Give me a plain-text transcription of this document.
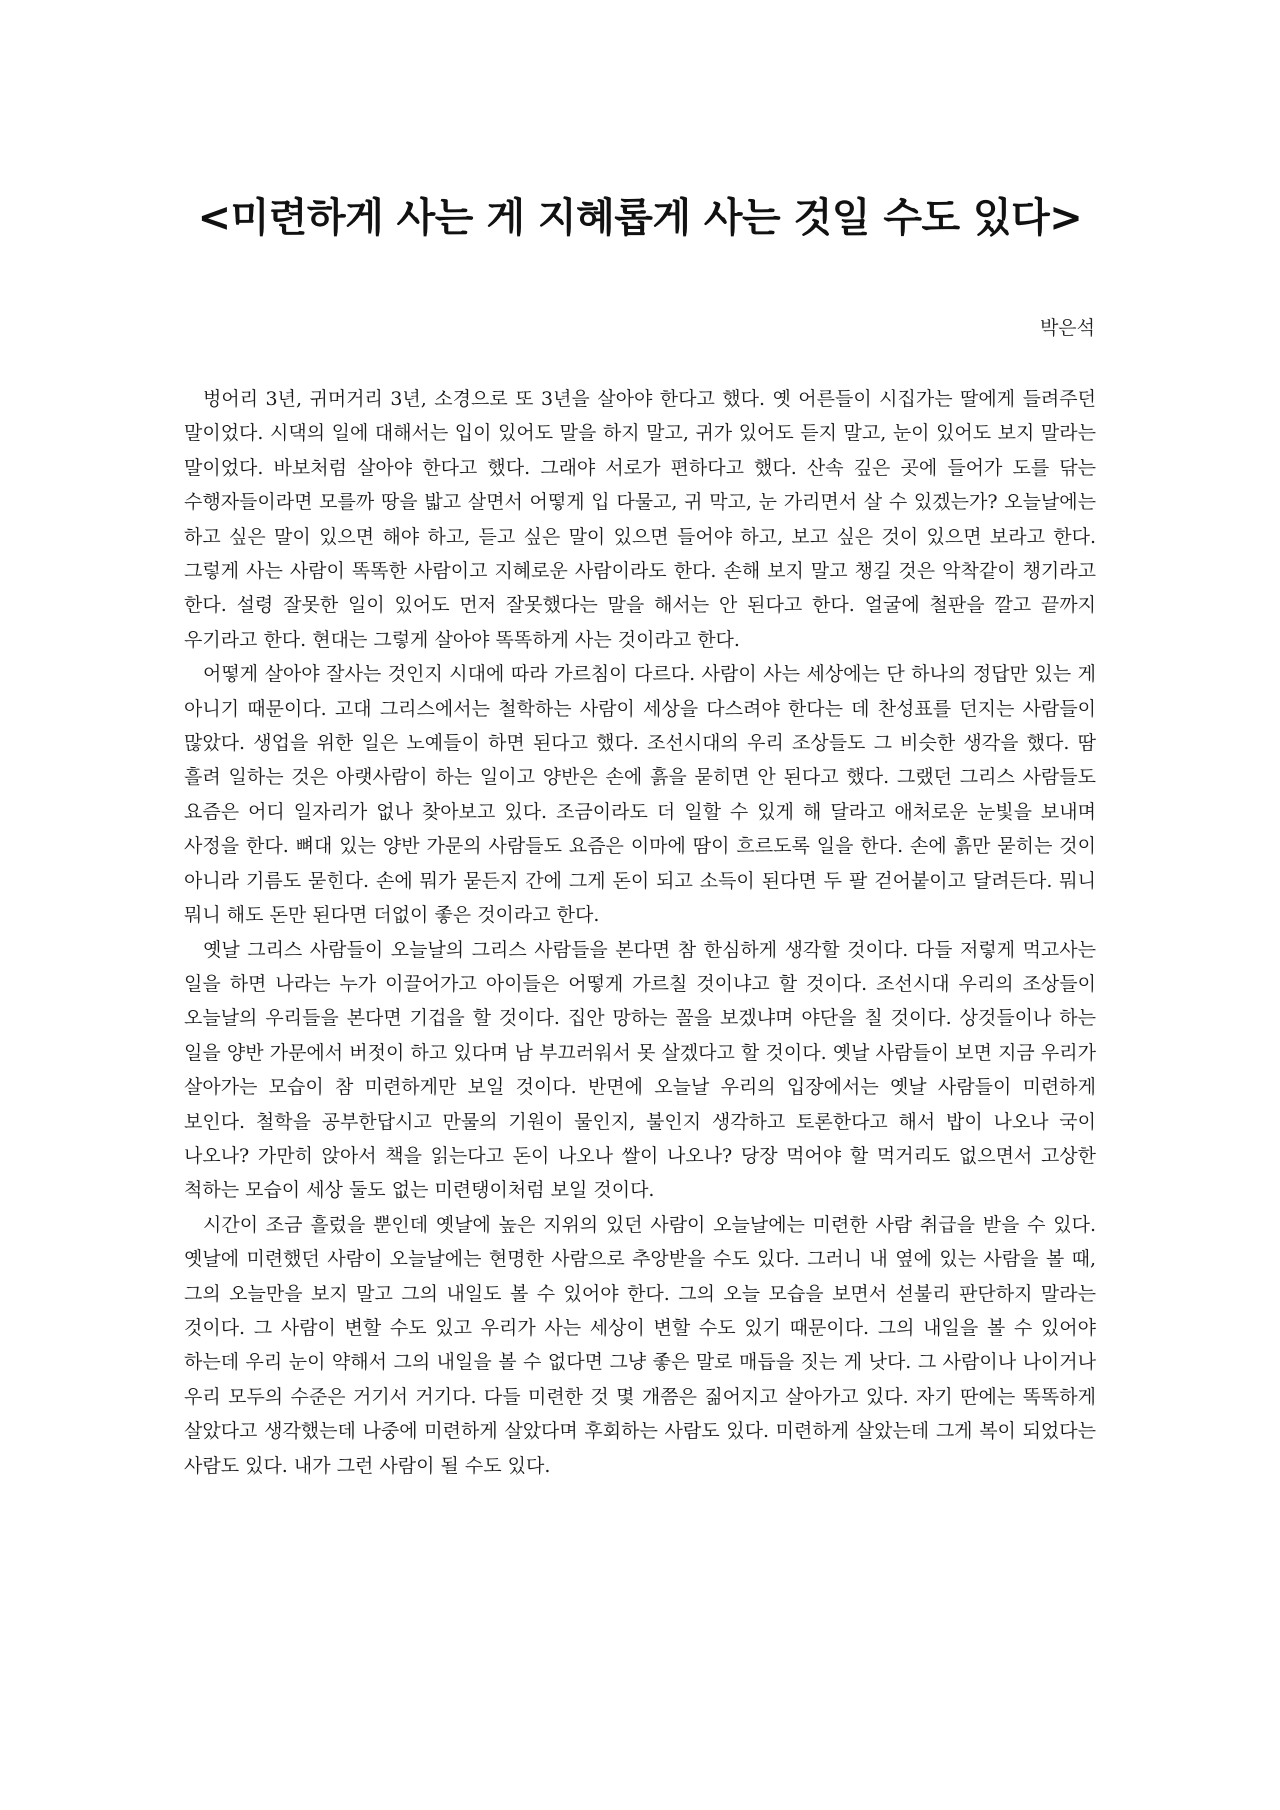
<미련하게 사는 게 지혜롭게 사는 것일 수도 있다>
박은석

벙어리 3년, 귀머거리 3년, 소경으로 또 3년을 살아야 한다고 했다. 옛 어른들이 시집가는 딸에게 들려주던 말이었다. 시댁의 일에 대해서는 입이 있어도 말을 하지 말고, 귀가 있어도 듣지 말고, 눈이 있어도 보지 말라는 말이었다. 바보처럼 살아야 한다고 했다. 그래야 서로가 편하다고 했다. 산속 깊은 곳에 들어가 도를 닦는 수행자들이라면 모를까 땅을 밟고 살면서 어떻게 입 다물고, 귀 막고, 눈 가리면서 살 수 있겠는가? 오늘날에는 하고 싶은 말이 있으면 해야 하고, 듣고 싶은 말이 있으면 들어야 하고, 보고 싶은 것이 있으면 보라고 한다. 그렇게 사는 사람이 똑똑한 사람이고 지혜로운 사람이라도 한다. 손해 보지 말고 챙길 것은 악착같이 챙기라고 한다. 설령 잘못한 일이 있어도 먼저 잘못했다는 말을 해서는 안 된다고 한다. 얼굴에 철판을 깔고 끝까지 우기라고 한다. 현대는 그렇게 살아야 똑똑하게 사는 것이라고 한다.

어떻게 살아야 잘사는 것인지 시대에 따라 가르침이 다르다. 사람이 사는 세상에는 단 하나의 정답만 있는 게 아니기 때문이다. 고대 그리스에서는 철학하는 사람이 세상을 다스려야 한다는 데 찬성표를 던지는 사람들이 많았다. 생업을 위한 일은 노예들이 하면 된다고 했다. 조선시대의 우리 조상들도 그 비슷한 생각을 했다. 땀 흘려 일하는 것은 아랫사람이 하는 일이고 양반은 손에 흙을 묻히면 안 된다고 했다. 그랬던 그리스 사람들도 요즘은 어디 일자리가 없나 찾아보고 있다. 조금이라도 더 일할 수 있게 해 달라고 애처로운 눈빛을 보내며 사정을 한다. 뼈대 있는 양반 가문의 사람들도 요즘은 이마에 땀이 흐르도록 일을 한다. 손에 흙만 묻히는 것이 아니라 기름도 묻힌다. 손에 뭐가 묻든지 간에 그게 돈이 되고 소득이 된다면 두 팔 걷어붙이고 달려든다. 뭐니 뭐니 해도 돈만 된다면 더없이 좋은 것이라고 한다.

옛날 그리스 사람들이 오늘날의 그리스 사람들을 본다면 참 한심하게 생각할 것이다. 다들 저렇게 먹고사는 일을 하면 나라는 누가 이끌어가고 아이들은 어떻게 가르칠 것이냐고 할 것이다. 조선시대 우리의 조상들이 오늘날의 우리들을 본다면 기겁을 할 것이다. 집안 망하는 꼴을 보겠냐며 야단을 칠 것이다. 상것들이나 하는 일을 양반 가문에서 버젓이 하고 있다며 남 부끄러워서 못 살겠다고 할 것이다. 옛날 사람들이 보면 지금 우리가 살아가는 모습이 참 미련하게만 보일 것이다. 반면에 오늘날 우리의 입장에서는 옛날 사람들이 미련하게 보인다. 철학을 공부한답시고 만물의 기원이 물인지, 불인지 생각하고 토론한다고 해서 밥이 나오나 국이 나오나? 가만히 앉아서 책을 읽는다고 돈이 나오나 쌀이 나오나? 당장 먹어야 할 먹거리도 없으면서 고상한 척하는 모습이 세상 둘도 없는 미련탱이처럼 보일 것이다.

시간이 조금 흘렀을 뿐인데 옛날에 높은 지위의 있던 사람이 오늘날에는 미련한 사람 취급을 받을 수 있다. 옛날에 미련했던 사람이 오늘날에는 현명한 사람으로 추앙받을 수도 있다. 그러니 내 옆에 있는 사람을 볼 때, 그의 오늘만을 보지 말고 그의 내일도 볼 수 있어야 한다. 그의 오늘 모습을 보면서 섣불리 판단하지 말라는 것이다. 그 사람이 변할 수도 있고 우리가 사는 세상이 변할 수도 있기 때문이다. 그의 내일을 볼 수 있어야 하는데 우리 눈이 약해서 그의 내일을 볼 수 없다면 그냥 좋은 말로 매듭을 짓는 게 낫다. 그 사람이나 나이거나 우리 모두의 수준은 거기서 거기다. 다들 미련한 것 몇 개쯤은 짊어지고 살아가고 있다. 자기 딴에는 똑똑하게 살았다고 생각했는데 나중에 미련하게 살았다며 후회하는 사람도 있다. 미련하게 살았는데 그게 복이 되었다는 사람도 있다. 내가 그런 사람이 될 수도 있다.
